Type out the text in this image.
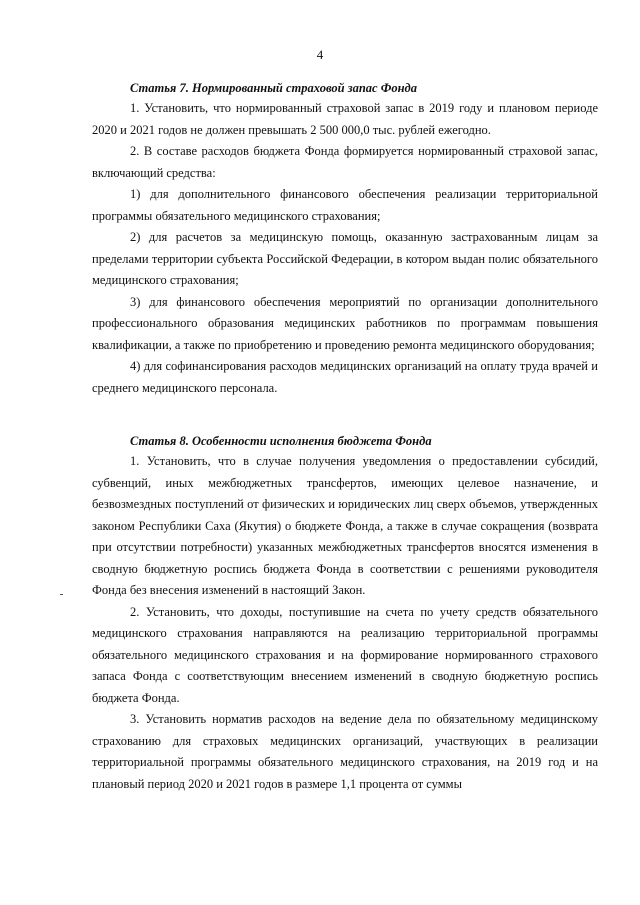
4
Статья 7. Нормированный страховой запас Фонда

1. Установить, что нормированный страховой запас в 2019 году и плановом периоде 2020 и 2021 годов не должен превышать 2 500 000,0 тыс. рублей ежегодно.

2. В составе расходов бюджета Фонда формируется нормированный страховой запас, включающий средства:

1) для дополнительного финансового обеспечения реализации территориальной программы обязательного медицинского страхования;

2) для расчетов за медицинскую помощь, оказанную застрахованным лицам за пределами территории субъекта Российской Федерации, в котором выдан полис обязательного медицинского страхования;

3) для финансового обеспечения мероприятий по организации дополнительного профессионального образования медицинских работников по программам повышения квалификации, а также по приобретению и проведению ремонта медицинского оборудования;

4) для софинансирования расходов медицинских организаций на оплату труда врачей и среднего медицинского персонала.

Статья 8. Особенности исполнения бюджета Фонда

1. Установить, что в случае получения уведомления о предоставлении субсидий, субвенций, иных межбюджетных трансфертов, имеющих целевое назначение, и безвозмездных поступлений от физических и юридических лиц сверх объемов, утвержденных законом Республики Саха (Якутия) о бюджете Фонда, а также в случае сокращения (возврата при отсутствии потребности) указанных межбюджетных трансфертов вносятся изменения в сводную бюджетную роспись бюджета Фонда в соответствии с решениями руководителя Фонда без внесения изменений в настоящий Закон.

2. Установить, что доходы, поступившие на счета по учету средств обязательного медицинского страхования направляются на реализацию территориальной программы обязательного медицинского страхования и на формирование нормированного страхового запаса Фонда с соответствующим внесением изменений в сводную бюджетную роспись бюджета Фонда.

3. Установить норматив расходов на ведение дела по обязательному медицинскому страхованию для страховых медицинских организаций, участвующих в реализации территориальной программы обязательного медицинского страхования, на 2019 год и на плановый период 2020 и 2021 годов в размере 1,1 процента от суммы
